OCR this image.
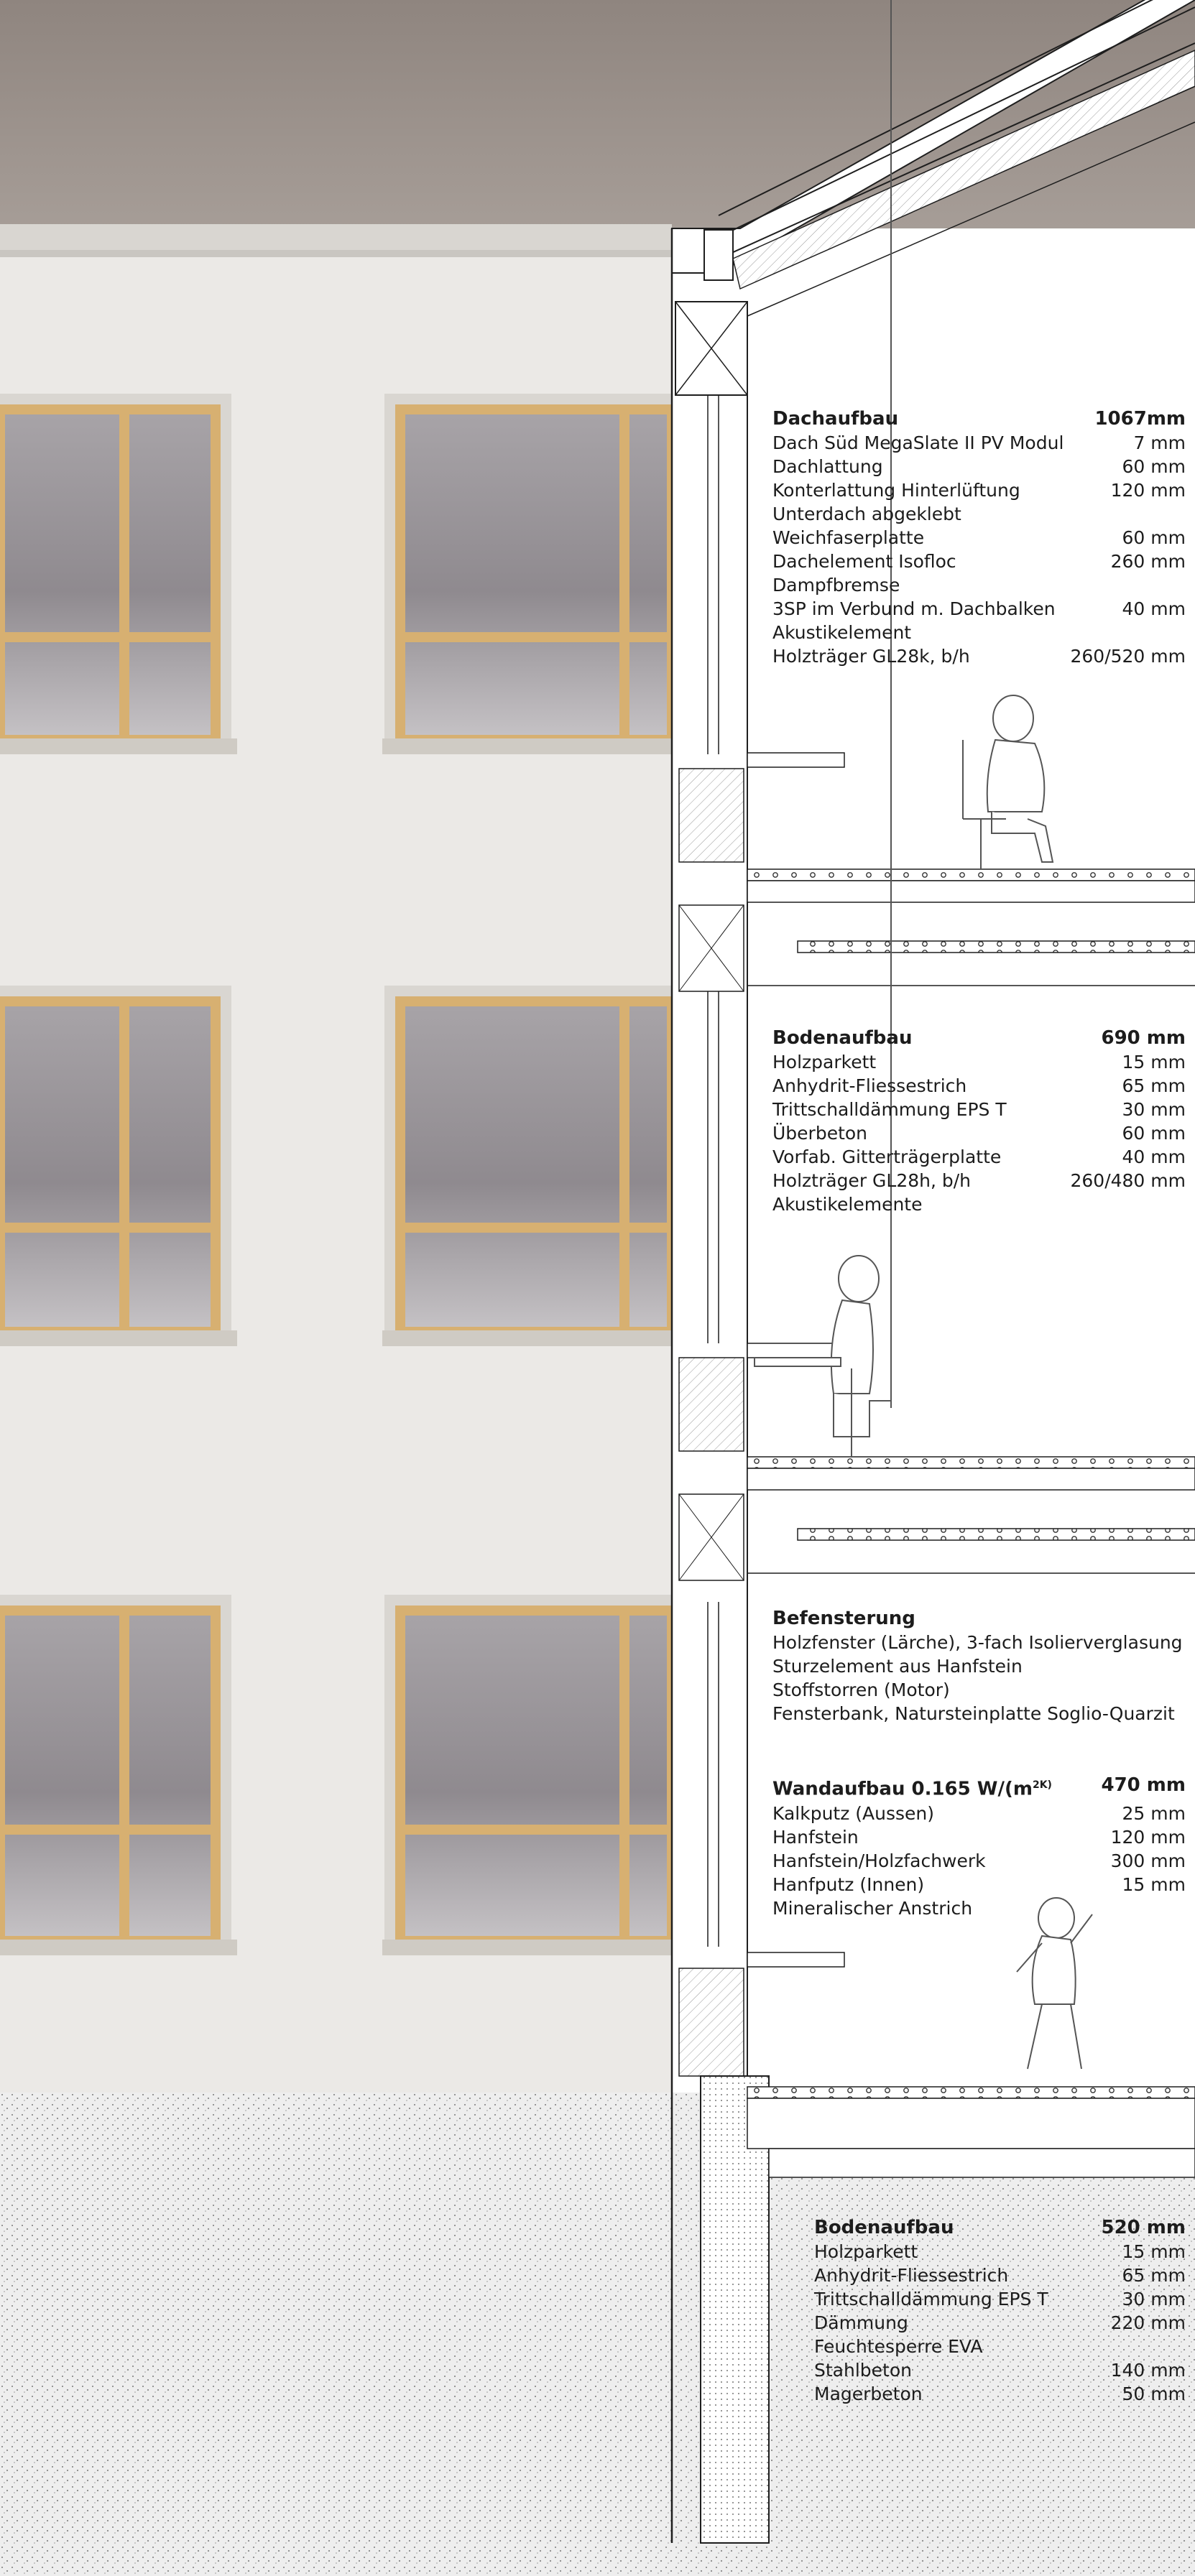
Dachaufbau	1067mm
Dach Süd MegaSlate II PV Modul	7 mm
Dachlattung	60 mm
Konterlattung Hinterlüftung	120 mm
Unterdach abgeklebt
Weichfaserplatte	60 mm
Dachelement Isofloc	260 mm
Dampfbremse
3SP im Verbund m. Dachbalken	40 mm
Akustikelement
Holzträger GL28k, b/h	260/520 mm
Bodenaufbau	690 mm
Holzparkett	15 mm
Anhydrit-Fliessestrich	65 mm
Trittschalldämmung EPS T	30 mm
Überbeton	60 mm
Vorfab. Gitterträgerplatte	40 mm
Holzträger GL28h, b/h	260/480 mm
Akustikelemente
Befensterung
Holzfenster (Lärche), 3-fach Isolierverglasung
Sturzelement aus Hanfstein
Stoffstorren (Motor)
Fensterbank, Natursteinplatte Soglio-Quarzit
Wandaufbau 0.165 $W/(m^{2K)}$	470 mm
Kalkputz (Aussen)	25 mm
Hanfstein	120 mm
Hanfstein/Holzfachwerk	300 mm
Hanfputz (Innen)	15 mm
Mineralischer Anstrich
Bodenaufbau	520 mm
Holzparkett	15 mm
Anhydrit-Fliessestrich	65 mm
Trittschalldämmung EPS T	30 mm
Dämmung	220 mm
Feuchtesperre EVA
Stahlbeton	140 mm
Magerbeton	50 mm
